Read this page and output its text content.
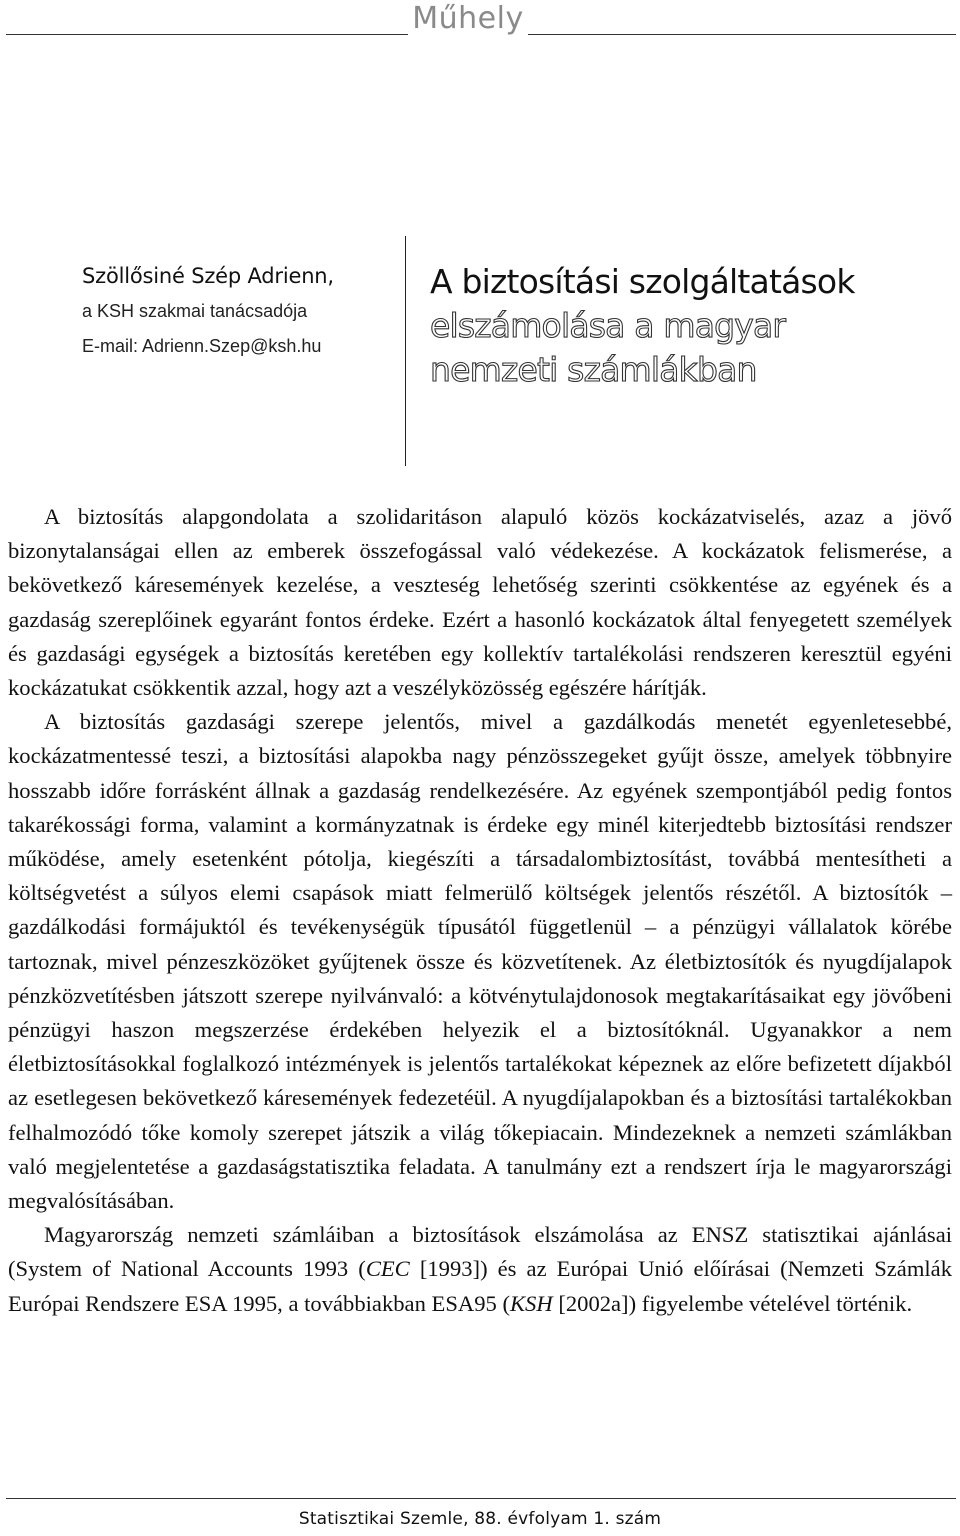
Műhely
Szöllősiné Szép Adrienn,
a KSH szakmai tanácsadója
E-mail: Adrienn.Szep@ksh.hu
A biztosítási szolgáltatások
elszámolása a magyar
nemzeti számlákban

A biztosítás alapgondolata a szolidaritáson alapuló közös kockázatviselés, azaz a jövő bizonytalanságai ellen az emberek összefogással való védekezése. A kockázatok felismerése, a bekövetkező káresemények kezelése, a veszteség lehetőség szerinti csökkentése az egyének és a gazdaság szereplőinek egyaránt fontos érdeke. Ezért a hasonló kockázatok által fenyegetett személyek és gazdasági egységek a biztosítás keretében egy kollektív tartalékolási rendszeren keresztül egyéni kockázatukat csökkentik azzal, hogy azt a veszélyközösség egészére hárítják.

A biztosítás gazdasági szerepe jelentős, mivel a gazdálkodás menetét egyenletesebbé, kockázatmentessé teszi, a biztosítási alapokba nagy pénzösszegeket gyűjt össze, amelyek többnyire hosszabb időre forrásként állnak a gazdaság rendelkezésére. Az egyének szempontjából pedig fontos takarékossági forma, valamint a kormányzatnak is érdeke egy minél kiterjedtebb biztosítási rendszer működése, amely esetenként pótolja, kiegészíti a társadalombiztosítást, továbbá mentesítheti a költségvetést a súlyos elemi csapások miatt felmerülő költségek jelentős részétől. A biztosítók – gazdálkodási formájuktól és tevékenységük típusától függetlenül – a pénzügyi vállalatok körébe tartoznak, mivel pénzeszközöket gyűjtenek össze és közvetítenek. Az életbiztosítók és nyugdíjalapok pénzközvetítésben játszott szerepe nyilvánvaló: a kötvénytulajdonosok megtakarításaikat egy jövőbeni pénzügyi haszon megszerzése érdekében helyezik el a biztosítóknál. Ugyanakkor a nem életbiztosításokkal foglalkozó intézmények is jelentős tartalékokat képeznek az előre befizetett díjakból az esetlegesen bekövetkező káresemények fedezetéül. A nyugdíjalapokban és a biztosítási tartalékokban felhalmozódó tőke komoly szerepet játszik a világ tőkepiacain. Mindezeknek a nemzeti számlákban való megjelentetése a gazdaságstatisztika feladata. A tanulmány ezt a rendszert írja le magyarországi megvalósításában.

Magyarország nemzeti számláiban a biztosítások elszámolása az ENSZ statisztikai ajánlásai (System of National Accounts 1993 (CEC [1993]) és az Európai Unió előírásai (Nemzeti Számlák Európai Rendszere ESA 1995, a továbbiakban ESA95 (KSH [2002a]) figyelembe vételével történik.

Statisztikai Szemle, 88. évfolyam 1. szám
